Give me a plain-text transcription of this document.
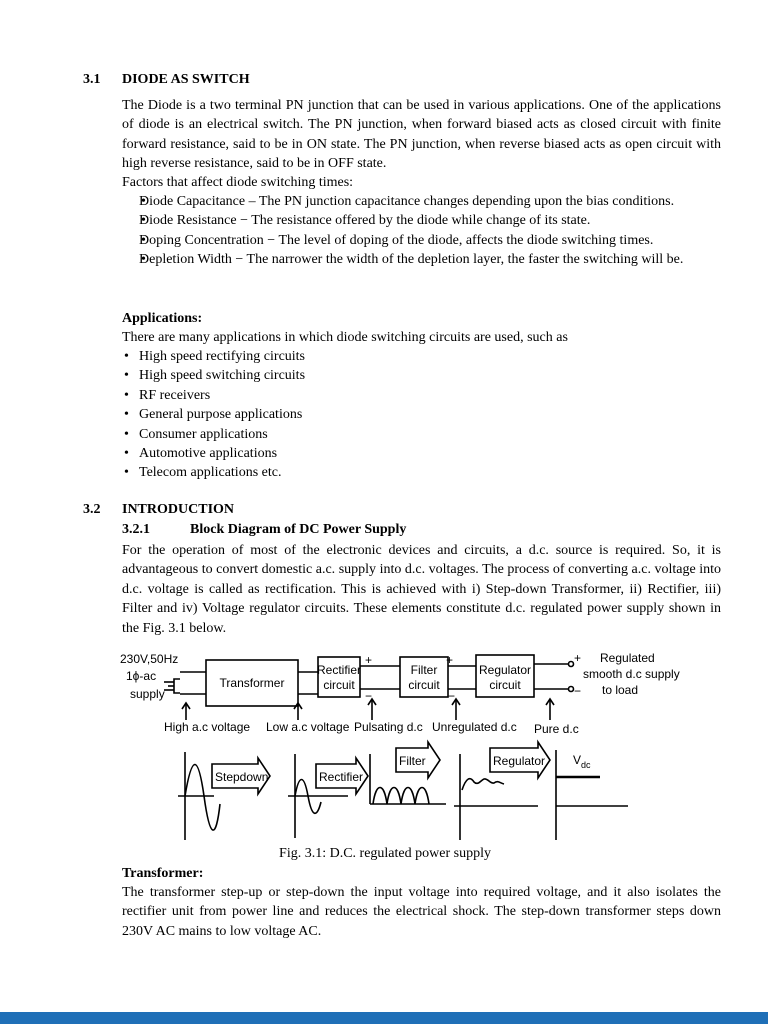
3.1 DIODE AS SWITCH

The Diode is a two terminal PN junction that can be used in various applications. One of the applications of diode is an electrical switch. The PN junction, when forward biased acts as closed circuit with finite forward resistance, said to be in ON state. The PN junction, when reverse biased acts as open circuit with high reverse resistance, said to be in OFF state.

Factors that affect diode switching times:

• Diode Capacitance – The PN junction capacitance changes depending upon the bias conditions.
• Diode Resistance − The resistance offered by the diode while change of its state.
• Doping Concentration − The level of doping of the diode, affects the diode switching times.
• Depletion Width − The narrower the width of the depletion layer, the faster the switching will be.

Applications:

There are many applications in which diode switching circuits are used, such as

• High speed rectifying circuits
• High speed switching circuits
• RF receivers
• General purpose applications
• Consumer applications
• Automotive applications
• Telecom applications etc.
3.2 INTRODUCTION
3.2.1	Block Diagram of DC Power Supply

For the operation of most of the electronic devices and circuits, a d.c. source is required. So, it is advantageous to convert domestic a.c. supply into d.c. voltages. The process of converting a.c. voltage into d.c. voltage is called as rectification. This is achieved with i) Step-down Transformer, ii) Rectifier, iii) Filter and iv) Voltage regulator circuits. These elements constitute d.c. regulated power supply shown in the Fig. 3.1 below.

230V,50Hz
1ϕ-ac
supply
Transformer
Rectifier
circuit
Filter
circuit
Regulator
circuit
+
−
+
−
+
−
Regulated
smooth d.c supply
to load
High a.c voltage Low a.c voltage Pulsating d.c Unregulated d.c Pure d.c
Stepdown	Rectifier
Filter	Regulator $V_{dc}$
Fig. 3.1: D.C. regulated power supply

Transformer:

The transformer step-up or step-down the input voltage into required voltage, and it also isolates the rectifier unit from power line and reduces the electrical shock. The step-down transformer steps down 230V AC mains to low voltage AC.
